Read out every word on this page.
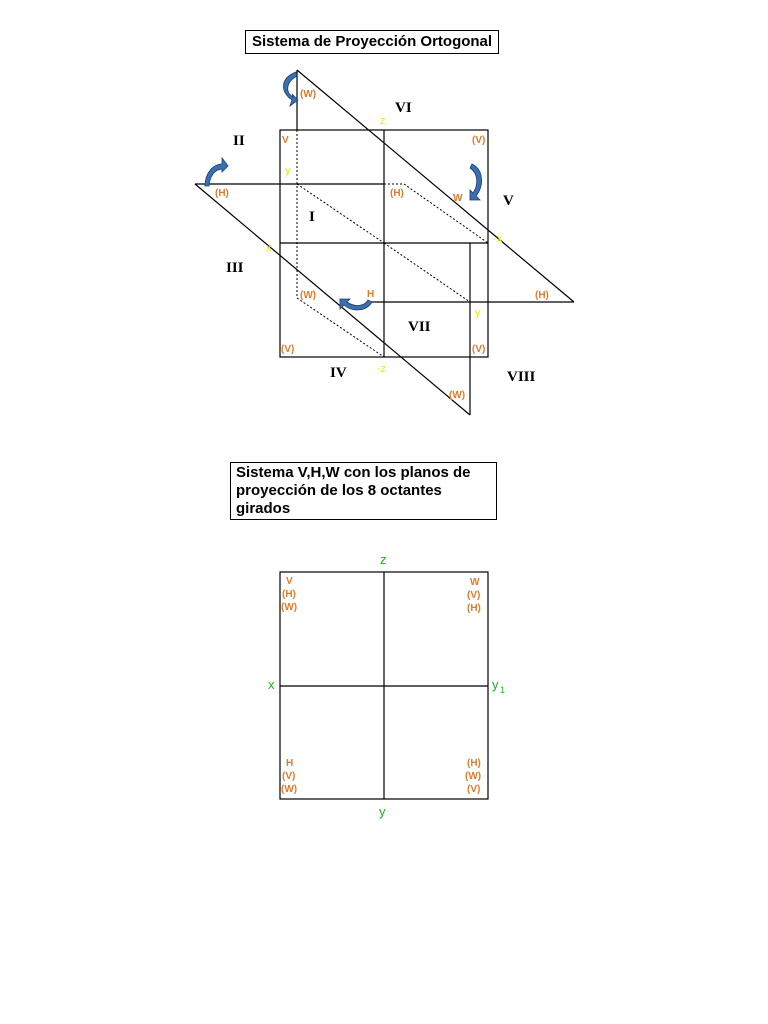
Sistema de Proyección Ortogonal
Sistema V,H,W con los planos de proyección de los 8 octantes girados
I
II
III
IV
V
VI
VII
VIII
z
y
x
-x
y
-z
(W)
V	(V)
(H)	(H)	W
(W)	H	(H)
(V)	(V)
(W)
z
x	y 1
y
V
(H)
(W)
W
(V)
(H)
H
(V)
(W)
(H)
(W)
(V)
